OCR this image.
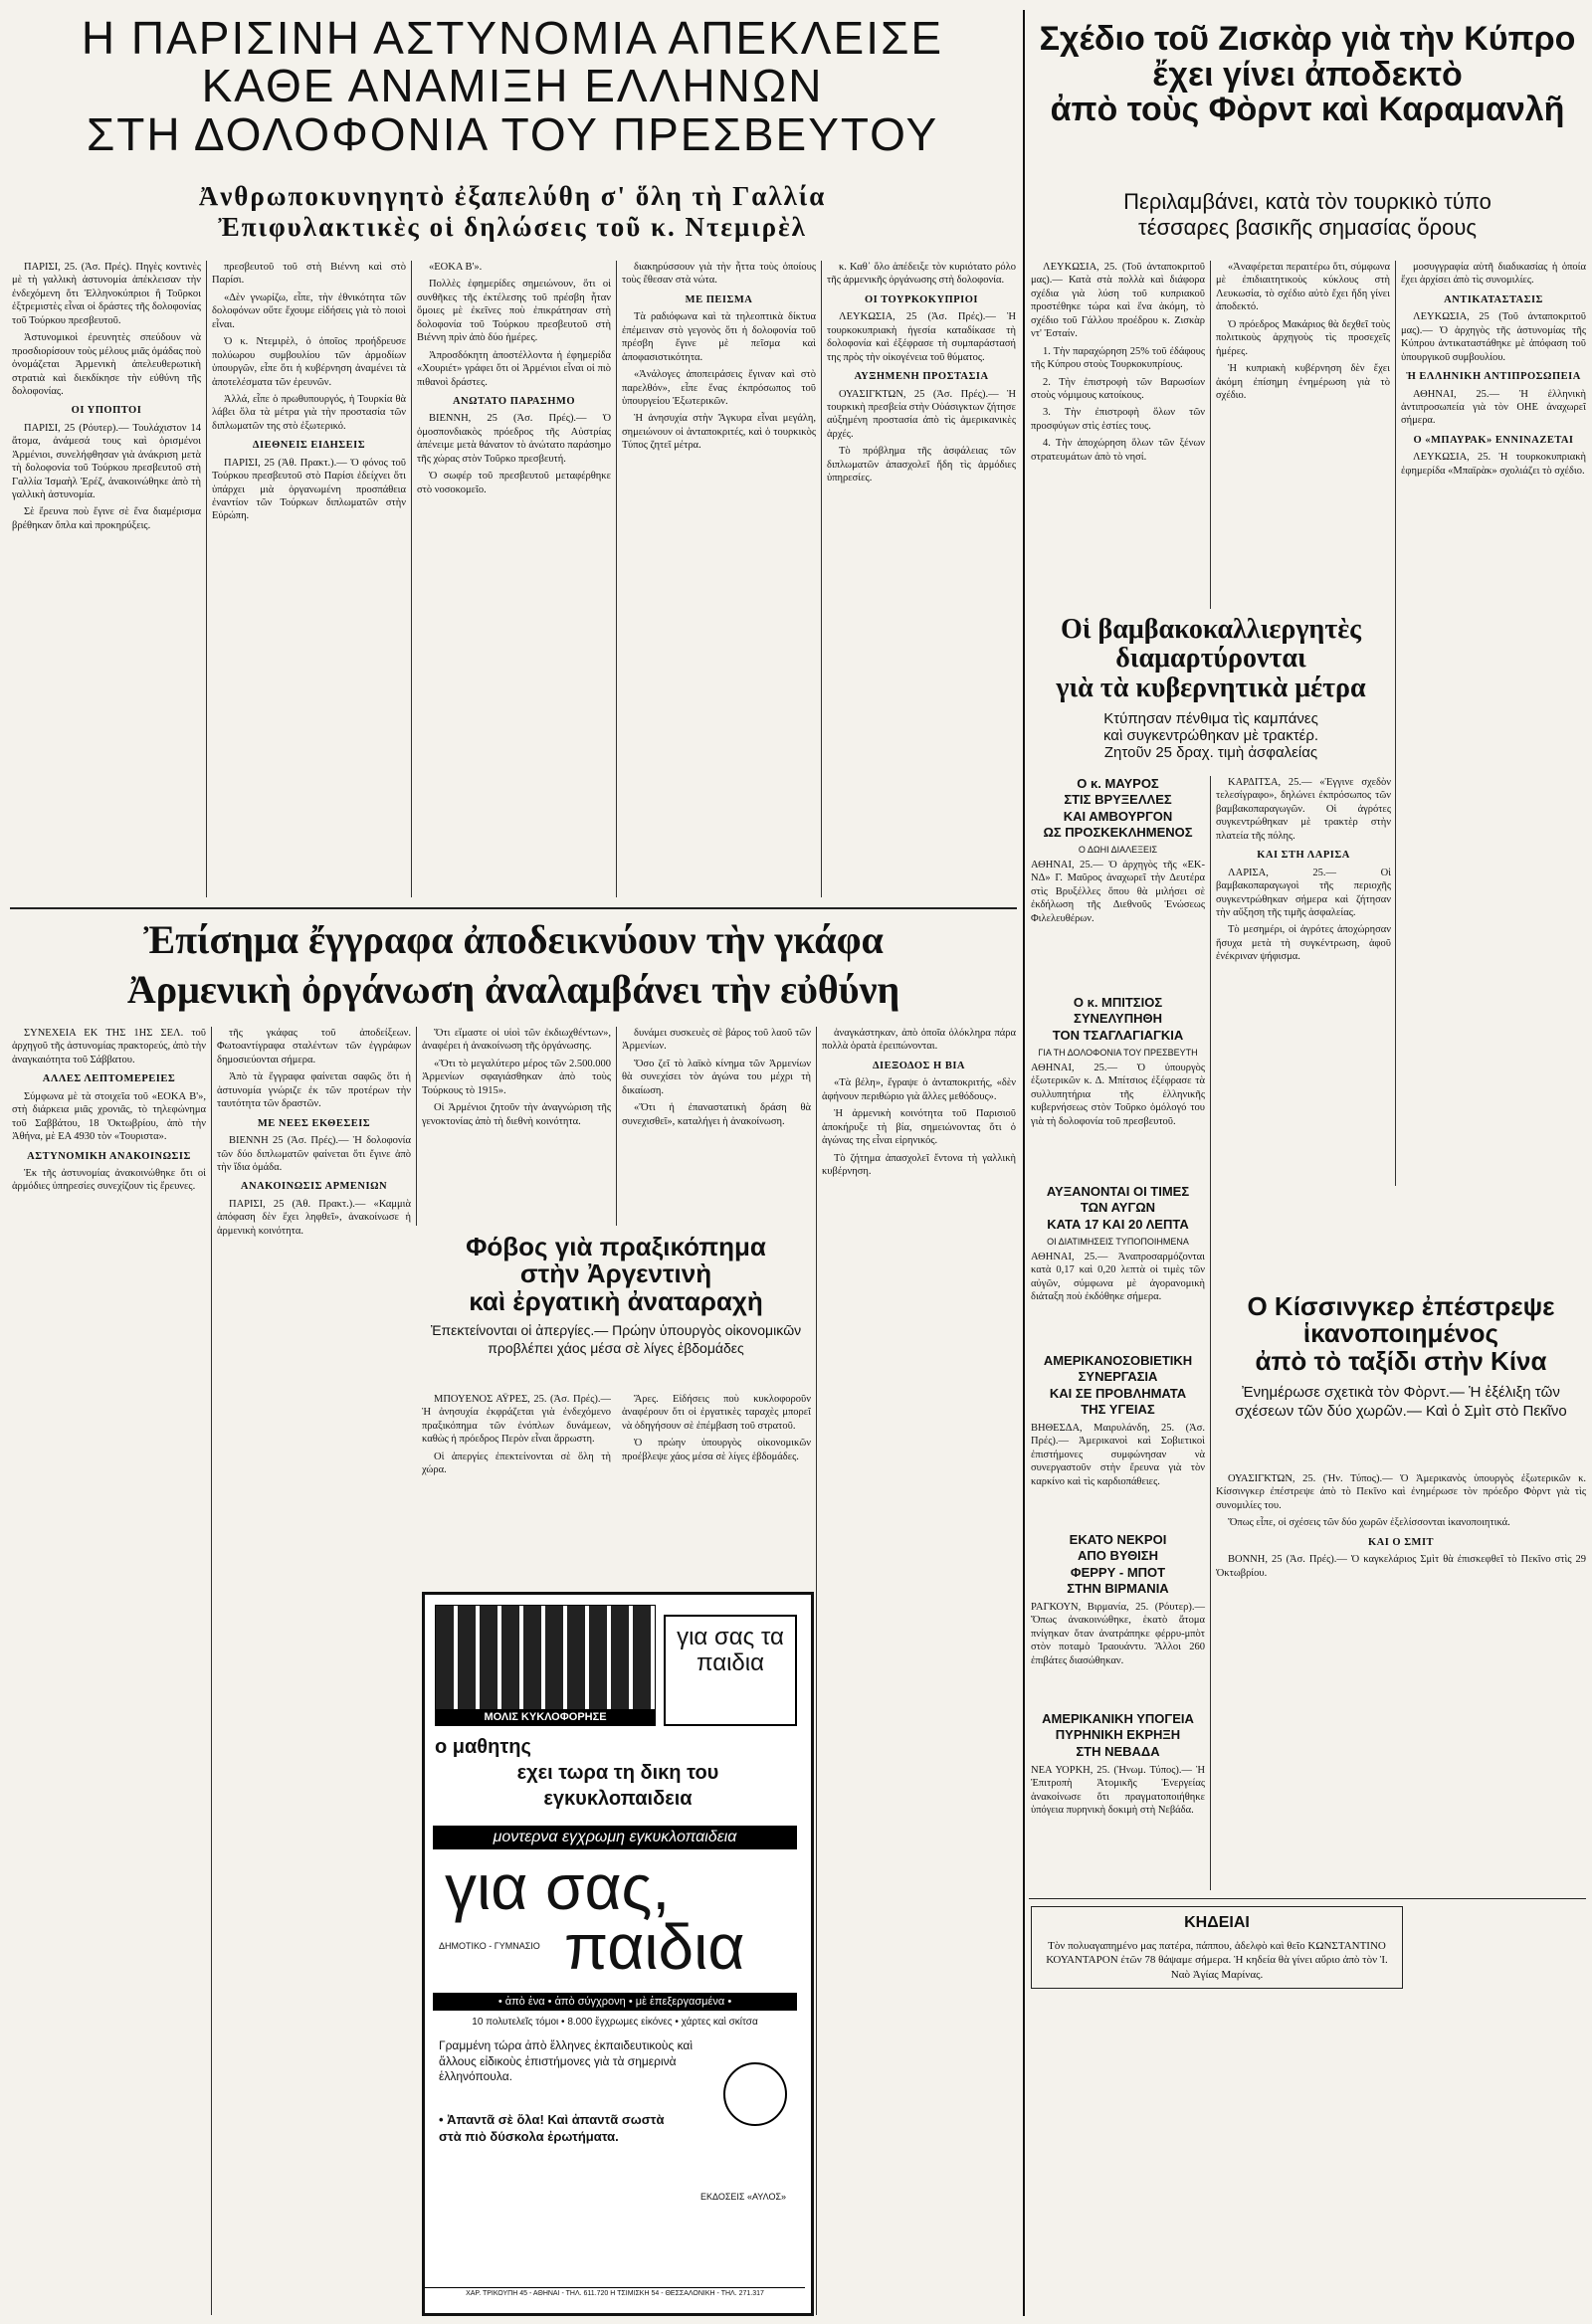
Η ΠΑΡΙΣΙΝΗ ΑΣΤΥΝΟΜΙΑ ΑΠΕΚΛΕΙΣΕ
ΚΑΘΕ ΑΝΑΜΙΞΗ ΕΛΛΗΝΩΝ
ΣΤΗ ΔΟΛΟΦΟΝΙΑ ΤΟΥ ΠΡΕΣΒΕΥΤΟΥ

Ἀνθρωποκυνηγητὸ ἐξαπελύθη σ' ὅλη τὴ Γαλλία

Ἐπιφυλακτικὲς οἱ δηλώσεις τοῦ κ. Ντεμιρὲλ

ΠΑΡΙΣΙ, 25. (Ἀσ. Πρές). Πηγὲς κοντινὲς μὲ τὴ γαλλικὴ ἀστυνομία ἀπέκλεισαν τὴν ἐνδεχόμενη ὅτι Ἑλληνοκύπριοι ἢ Τοῦρκοι ἐξτρεμιστὲς εἶναι οἱ δράστες τῆς δολοφονίας τοῦ Τούρκου πρεσβευτοῦ.

Ἀστυνομικοὶ ἐρευνητὲς σπεύδουν νὰ προσδιορίσουν τοὺς μέλους μιᾶς ὁμάδας ποὺ ὀνομάζεται Ἀρμενικὴ ἀπελευθερωτικὴ στρατιὰ καὶ διεκδίκησε τὴν εὐθύνη τῆς δολοφονίας.

ΟΙ ΥΠΟΠΤΟΙ

ΠΑΡΙΣΙ, 25 (Ρόυτερ).— Τουλάχιστον 14 ἄτομα, ἀνάμεσά τους καὶ ὁρισμένοι Ἀρμένιοι, συνελήφθησαν γιὰ ἀνάκριση μετὰ τὴ δολοφονία τοῦ Τούρκου πρεσβευτοῦ στὴ Γαλλία Ἰσμαὴλ Ἐρέζ, ἀνακοινώθηκε ἀπὸ τὴ γαλλικὴ ἀστυνομία.

Σὲ ἔρευνα ποὺ ἔγινε σὲ ἕνα διαμέρισμα βρέθηκαν ὅπλα καὶ προκηρύξεις.

πρεσβευτοῦ τοῦ στὴ Βιέννη καὶ στὸ Παρίσι.

«Δὲν γνωρίζω, εἶπε, τὴν ἐθνικότητα τῶν δολοφόνων οὔτε ἔχουμε εἰδήσεις γιὰ τὸ ποιοὶ εἶναι.

Ὁ κ. Ντεμιρὲλ, ὁ ὁποῖος προήδρευσε πολύωρου συμβουλίου τῶν ἁρμοδίων ὑπουργῶν, εἶπε ὅτι ἡ κυβέρνηση ἀναμένει τὰ ἀποτελέσματα τῶν ἐρευνῶν.

Ἀλλά, εἶπε ὁ πρωθυπουργός, ἡ Τουρκία θὰ λάβει ὅλα τὰ μέτρα γιὰ τὴν προστασία τῶν διπλωματῶν της στὸ ἐξωτερικό.

ΔΙΕΘΝΕΙΣ ΕΙΔΗΣΕΙΣ

ΠΑΡΙΣΙ, 25 (Ἀθ. Πρακτ.).— Ὁ φόνος τοῦ Τούρκου πρεσβευτοῦ στὸ Παρίσι ἐδείχνει ὅτι ὑπάρχει μιὰ ὀργανωμένη προσπάθεια ἐναντίον τῶν Τούρκων διπλωματῶν στὴν Εὐρώπη.

«ΕΟΚΑ Β'».

Πολλὲς ἐφημερίδες σημειώνουν, ὅτι οἱ συνθῆκες τῆς ἐκτέλεσης τοῦ πρέσβη ἦταν ὅμοιες μὲ ἐκεῖνες ποὺ ἐπικράτησαν στὴ δολοφονία τοῦ Τούρκου πρεσβευτοῦ στὴ Βιέννη πρὶν ἀπὸ δύο ἡμέρες.

Ἀπροσδόκητη ἀποστέλλοντα ἡ ἐφημερίδα «Χουριέτ» γράφει ὅτι οἱ Ἀρμένιοι εἶναι οἱ πιὸ πιθανοὶ δράστες.

ΑΝΩΤΑΤΟ ΠΑΡΑΣΗΜΟ

ΒΙΕΝΝΗ, 25 (Ἀσ. Πρές).— Ὁ ὁμοσπονδιακὸς πρόεδρος τῆς Αὐστρίας ἀπένειμε μετὰ θάνατον τὸ ἀνώτατο παράσημο τῆς χώρας στὸν Τοῦρκο πρεσβευτή.

Ὁ σωφέρ τοῦ πρεσβευτοῦ μεταφέρθηκε στὸ νοσοκομεῖο.

διακηρύσσουν γιὰ τὴν ἦττα τοὺς ὁποίους τοὺς ἔθεσαν στὰ νώτα.

ΜΕ ΠΕΙΣΜΑ

Τὰ ραδιόφωνα καὶ τὰ τηλεοπτικὰ δίκτυα ἐπέμειναν στὸ γεγονὸς ὅτι ἡ δολοφονία τοῦ πρέσβη ἔγινε μὲ πεῖσμα καὶ ἀποφασιστικότητα.

«Ἀνάλογες ἀποπειράσεις ἔγιναν καὶ στὸ παρελθόν», εἶπε ἕνας ἐκπρόσωπος τοῦ ὑπουργείου Ἐξωτερικῶν.

Ἡ ἀνησυχία στὴν Ἄγκυρα εἶναι μεγάλη, σημειώνουν οἱ ἀνταποκριτές, καὶ ὁ τουρκικὸς Τύπος ζητεῖ μέτρα.

κ. Καθ᾽ ὅλο ἀπέδειξε τὸν κυριότατο ρόλο τῆς ἀρμενικῆς ὀργάνωσης στὴ δολοφονία.

ΟΙ ΤΟΥΡΚΟΚΥΠΡΙΟΙ

ΛΕΥΚΩΣΙΑ, 25 (Ἀσ. Πρές).— Ἡ τουρκοκυπριακὴ ἡγεσία καταδίκασε τὴ δολοφονία καὶ ἐξέφρασε τὴ συμπαράστασή της πρὸς τὴν οἰκογένεια τοῦ θύματος.

ΑΥΞΗΜΕΝΗ ΠΡΟΣΤΑΣΙΑ

ΟΥΑΣΙΓΚΤΩΝ, 25 (Ἀσ. Πρές).— Ἡ τουρκικὴ πρεσβεία στὴν Οὐάσιγκτων ζήτησε αὐξημένη προστασία ἀπὸ τὶς ἀμερικανικὲς ἀρχές.

Τὸ πρόβλημα τῆς ἀσφάλειας τῶν διπλωματῶν ἀπασχολεῖ ἤδη τὶς ἀρμόδιες ὑπηρεσίες.

Ἐπίσημα ἔγγραφα ἀποδεικνύουν τὴν γκάφα
Ἀρμενικὴ ὀργάνωση ἀναλαμβάνει τὴν εὐθύνη

ΣΥΝΕΧΕΙΑ ΕΚ ΤΗΣ 1ΗΣ ΣΕΛ. τοῦ ἀρχηγοῦ τῆς ἀστυνομίας πρακτορεύς, ἀπὸ τὴν ἀναγκαιότητα τοῦ Σάββατου.

ΑΛΛΕΣ ΛΕΠΤΟΜΕΡΕΙΕΣ

Σύμφωνα μὲ τὰ στοιχεῖα τοῦ «ΕΟΚΑ Β'», στὴ διάρκεια μιᾶς χρονιᾶς, τὸ τηλεφώνημα τοῦ Σαββάτου, 18 Ὀκτωβρίου, ἀπὸ τὴν Ἀθήνα, μὲ ΕΑ 4930 τὸν «Τουριστα».

ΑΣΤΥΝΟΜΙΚΗ ΑΝΑΚΟΙΝΩΣΙΣ

Ἐκ τῆς ἀστυνομίας ἀνακοινώθηκε ὅτι οἱ ἀρμόδιες ὑπηρεσίες συνεχίζουν τὶς ἔρευνες.

τῆς γκάφας τοῦ ἀποδείξεων. Φωτοαντίγραφα σταλέντων τῶν ἐγγράφων δημοσιεύονται σήμερα.

Ἀπὸ τὰ ἔγγραφα φαίνεται σαφῶς ὅτι ἡ ἀστυνομία γνώριζε ἐκ τῶν προτέρων τὴν ταυτότητα τῶν δραστῶν.

ΜΕ ΝΕΕΣ ΕΚΘΕΣΕΙΣ

ΒΙΕΝΝΗ 25 (Ἀσ. Πρές).— Ἡ δολοφονία τῶν δύο διπλωματῶν φαίνεται ὅτι ἔγινε ἀπὸ τὴν ἴδια ὁμάδα.

ΑΝΑΚΟΙΝΩΣΙΣ ΑΡΜΕΝΙΩΝ

ΠΑΡΙΣΙ, 25 (Ἀθ. Πρακτ.).— «Καμμιὰ ἀπόφαση δὲν ἔχει ληφθεῖ», ἀνακοίνωσε ἡ ἀρμενικὴ κοινότητα.

Ὅτι εἴμαστε οἱ υἱοὶ τῶν ἐκδιωχθέντων», ἀναφέρει ἡ ἀνακοίνωση τῆς ὀργάνωσης.

«Ὅτι τὸ μεγαλύτερο μέρος τῶν 2.500.000 Ἀρμενίων σφαγιάσθηκαν ἀπὸ τοὺς Τούρκους τὸ 1915».

Οἱ Ἀρμένιοι ζητοῦν τὴν ἀναγνώριση τῆς γενοκτονίας ἀπὸ τὴ διεθνὴ κοινότητα.

δυνάμει συσκευὲς σὲ βάρος τοῦ λαοῦ τῶν Ἀρμενίων.

Ὅσο ζεῖ τὸ λαϊκὸ κίνημα τῶν Ἀρμενίων θὰ συνεχίσει τὸν ἀγώνα του μέχρι τὴ δικαίωση.

«Ὅτι ἡ ἐπαναστατικὴ δράση θὰ συνεχισθεῖ», καταλήγει ἡ ἀνακοίνωση.

ἀναγκάστηκαν, ἀπὸ ὁποῖα ὁλόκληρα πάρα πολλὰ ὁρατὰ ἐρειπώνονται.

ΔΙΕΞΟΔΟΣ Η ΒΙΑ

«Τὰ βέλη», ἔγραψε ὁ ἀνταποκριτής, «δὲν ἀφήνουν περιθώριο γιὰ ἄλλες μεθόδους».

Ἡ ἀρμενικὴ κοινότητα τοῦ Παρισιοῦ ἀποκήρυξε τὴ βία, σημειώνοντας ὅτι ὁ ἀγώνας της εἶναι εἰρηνικός.

Τὸ ζήτημα ἀπασχολεῖ ἔντονα τὴ γαλλικὴ κυβέρνηση.

Φόβος γιὰ πραξικόπημα
στὴν Ἀργεντινὴ
καὶ ἐργατικὴ ἀναταραχὴ

Ἐπεκτείνονται οἱ ἀπεργίες.— Πρώην ὑπουργὸς οἰκονομικῶν προβλέπει χάος μέσα σὲ λίγες ἑβδομάδες

ΜΠΟΥΕΝΟΣ ΑΫΡΕΣ, 25. (Ἀσ. Πρές).— Ἡ ἀνησυχία ἐκφράζεται γιὰ ἐνδεχόμενο πραξικόπημα τῶν ἐνόπλων δυνάμεων, καθὼς ἡ πρόεδρος Περὸν εἶναι ἄρρωστη.

Οἱ ἀπεργίες ἐπεκτείνονται σὲ ὅλη τὴ χώρα.

Ἄρες. Εἰδήσεις ποὺ κυκλοφοροῦν ἀναφέρουν ὅτι οἱ ἐργατικὲς ταραχὲς μπορεῖ νὰ ὁδηγήσουν σὲ ἐπέμβαση τοῦ στρατοῦ.

Ὁ πρώην ὑπουργὸς οἰκονομικῶν προέβλεψε χάος μέσα σὲ λίγες ἑβδομάδες.

ΜΟΛΙΣ ΚΥΚΛΟΦΟΡΗΣΕ
για σας τα παιδια
ο μαθητης
εχει τωρα τη δικη του
εγκυκλοπαιδεια
μοντερνα εγχρωμη εγκυκλοπαιδεια
για σας,
ΔΗΜΟΤΙΚΟ - ΓΥΜΝΑΣΙΟ παιδια
• ἀπὸ ἑνα • ἀπὸ σύγχρονη • μὲ ἐπεξεργασμένα •
10 πολυτελεῖς τόμοι • 8.000 ἔγχρωμες εἰκόνες • χάρτες καὶ σκίτσα
Γραμμένη τώρα ἀπὸ ἕλληνες ἐκπαιδευτικοὺς καὶ ἄλλους εἰδικοὺς ἐπιστήμονες γιὰ τὰ σημερινὰ ἑλληνόπουλα.
• Ἀπαντᾶ σὲ ὅλα! Καὶ ἀπαντᾶ σωστὰ στὰ πιὸ δύσκολα ἐρωτήματα.
ΕΚΔΟΣΕΙΣ «ΑΥΛΟΣ»
ΧΑΡ. ΤΡΙΚΟΥΠΗ 45 - ΑΘΗΝΑΙ - ΤΗΛ. 611.720 Η ΤΣΙΜΙΣΚΗ 54 - ΘΕΣΣΑΛΟΝΙΚΗ - ΤΗΛ. 271.317
Σχέδιο τοῦ Ζισκὰρ γιὰ τὴν Κύπρο
ἔχει γίνει ἀποδεκτὸ
ἀπὸ τοὺς Φὸρντ καὶ Καραμανλῆ

Περιλαμβάνει, κατὰ τὸν τουρκικὸ τύπο

τέσσαρες βασικῆς σημασίας ὅρους

ΛΕΥΚΩΣΙΑ, 25. (Τοῦ ἀνταποκριτοῦ μας).— Κατὰ στὰ πολλὰ καὶ διάφορα σχέδια γιὰ λύση τοῦ κυπριακοῦ προστέθηκε τώρα καὶ ἕνα ἀκόμη, τὸ σχέδιο τοῦ Γάλλου προέδρου κ. Ζισκὰρ ντ' Ἐσταίν.

1. Τὴν παραχώρηση 25% τοῦ ἐδάφους τῆς Κύπρου στοὺς Τουρκοκυπρίους.

2. Τὴν ἐπιστροφὴ τῶν Βαρωσίων στοὺς νόμιμους κατοίκους.

3. Τὴν ἐπιστροφὴ ὅλων τῶν προσφύγων στὶς ἑστίες τους.

4. Τὴν ἀποχώρηση ὅλων τῶν ξένων στρατευμάτων ἀπὸ τὸ νησί.

«Ἀναφέρεται περαιτέρω ὅτι, σύμφωνα μὲ ἐπιδιαιτητικοὺς κύκλους στὴ Λευκωσία, τὸ σχέδιο αὐτὸ ἔχει ἤδη γίνει ἀποδεκτό.

Ὁ πρόεδρος Μακάριος θὰ δεχθεῖ τοὺς πολιτικοὺς ἀρχηγοὺς τὶς προσεχεῖς ἡμέρες.

Ἡ κυπριακὴ κυβέρνηση δὲν ἔχει ἀκόμη ἐπίσημη ἐνημέρωση γιὰ τὸ σχέδιο.

μοσυγγραφία αὐτῆ διαδικασίας ἡ ὁποία ἔχει ἀρχίσει ἀπὸ τὶς συνομιλίες.

ΑΝΤΙΚΑΤΑΣΤΑΣΙΣ

ΛΕΥΚΩΣΙΑ, 25 (Τοῦ ἀνταποκριτοῦ μας).— Ὁ ἀρχηγὸς τῆς ἀστυνομίας τῆς Κύπρου ἀντικαταστάθηκε μὲ ἀπόφαση τοῦ ὑπουργικοῦ συμβουλίου.

Ἡ ΕΛΛΗΝΙΚΗ ΑΝΤΙΠΡΟΣΩΠΕΙΑ

ΑΘΗΝΑΙ, 25.— Ἡ ἑλληνικὴ ἀντιπροσωπεία γιὰ τὸν ΟΗΕ ἀναχωρεῖ σήμερα.

Ο «ΜΠΑΥΡΑΚ» ΕΝΝΙΝΑΖΕΤΑΙ

ΛΕΥΚΩΣΙΑ, 25. Ἡ τουρκοκυπριακὴ ἐφημερίδα «Μπαϊρὰκ» σχολιάζει τὸ σχέδιο.

Οἱ βαμβακοκαλλιεργητὲς
διαμαρτύρονται
γιὰ τὰ κυβερνητικὰ μέτρα

Κτύπησαν πένθιμα τὶς καμπάνες

καὶ συγκεντρώθηκαν μὲ τρακτέρ.

Ζητοῦν 25 δραχ. τιμὴ ἀσφαλείας

ΚΑΡΔΙΤΣΑ, 25.— «Ἐγγινε σχεδὸν τελεσίγραφο», δηλώνει ἐκπρόσωπος τῶν βαμβακοπαραγωγῶν. Οἱ ἀγρότες συγκεντρώθηκαν μὲ τρακτὲρ στὴν πλατεία τῆς πόλης.

ΚΑΙ ΣΤΗ ΛΑΡΙΣΑ

ΛΑΡΙΣΑ, 25.— Οἱ βαμβακοπαραγωγοὶ τῆς περιοχῆς συγκεντρώθηκαν σήμερα καὶ ζήτησαν τὴν αὔξηση τῆς τιμῆς ἀσφαλείας.

Τὸ μεσημέρι, οἱ ἀγρότες ἀποχώρησαν ἥσυχα μετὰ τὴ συγκέντρωση, ἀφοῦ ἐνέκριναν ψήφισμα.

Ο κ. ΜΑΥΡΟΣ

ΣΤΙΣ ΒΡΥΞΕΛΛΕΣ

ΚΑΙ ΑΜΒΟΥΡΓΟΝ

ΩΣ ΠΡΟΣΚΕΚΛΗΜΕΝΟΣ

Ο ΔΩΗΙ ΔΙΑΛΕΞΕΙΣ

ΑΘΗΝΑΙ, 25.— Ὁ ἀρχηγὸς τῆς «ΕΚ-ΝΔ» Γ. Μαῦρος ἀναχωρεῖ τὴν Δευτέρα στὶς Βρυξέλλες ὅπου θὰ μιλήσει σὲ ἐκδήλωση τῆς Διεθνοῦς Ἐνώσεως Φιλελευθέρων.

Ο κ. ΜΠΙΤΣΙΟΣ

ΣΥΝΕΛΥΠΗΘΗ

ΤΟΝ ΤΣΑΓΛΑΓΙΑΓΚΙΑ

ΓΙΑ ΤΗ ΔΟΛΟΦΟΝΙΑ ΤΟΥ ΠΡΕΣΒΕΥΤΗ

ΑΘΗΝΑΙ, 25.— Ὁ ὑπουργὸς ἐξωτερικῶν κ. Δ. Μπίτσιος ἐξέφρασε τὰ συλλυπητήρια τῆς ἑλληνικῆς κυβερνήσεως στὸν Τοῦρκο ὁμόλογό του γιὰ τὴ δολοφονία τοῦ πρεσβευτοῦ.

ΑΥΞΑΝΟΝΤΑΙ ΟΙ ΤΙΜΕΣ

ΤΩΝ ΑΥΓΩΝ

ΚΑΤΑ 17 ΚΑΙ 20 ΛΕΠΤΑ

ΟΙ ΔΙΑΤΙΜΗΣΕΙΣ ΤΥΠΟΠΟΙΗΜΕΝΑ

ΑΘΗΝΑΙ, 25.— Ἀναπροσαρμόζονται κατὰ 0,17 καὶ 0,20 λεπτὰ οἱ τιμὲς τῶν αὐγῶν, σύμφωνα μὲ ἀγορανομικὴ διάταξη ποὺ ἐκδόθηκε σήμερα.

ΑΜΕΡΙΚΑΝΟΣΟΒΙΕΤΙΚΗ

ΣΥΝΕΡΓΑΣΙΑ

ΚΑΙ ΣΕ ΠΡΟΒΛΗΜΑΤΑ

ΤΗΣ ΥΓΕΙΑΣ

ΒΗΘΕΣΔΑ, Μαιρυλάνδη, 25. (Ἀσ. Πρές).— Ἀμερικανοὶ καὶ Σοβιετικοὶ ἐπιστήμονες συμφώνησαν νὰ συνεργαστοῦν στὴν ἔρευνα γιὰ τὸν καρκίνο καὶ τὶς καρδιοπάθειες.

ΕΚΑΤΟ ΝΕΚΡΟΙ

ΑΠΟ ΒΥΘΙΣΗ

ΦΕΡΡΥ - ΜΠΟΤ

ΣΤΗΝ ΒΙΡΜΑΝΙΑ

ΡΑΓΚΟΥΝ, Βιρμανία, 25. (Ρόυτερ).— Ὅπως ἀνακοινώθηκε, ἑκατὸ ἄτομα πνίγηκαν ὅταν ἀνατράπηκε φέρρυ-μπὸτ στὸν ποταμὸ Ἰραουάντυ. Ἄλλοι 260 ἐπιβάτες διασώθηκαν.

ΑΜΕΡΙΚΑΝΙΚΗ ΥΠΟΓΕΙΑ

ΠΥΡΗΝΙΚΗ ΕΚΡΗΞΗ

ΣΤΗ ΝΕΒΑΔΑ

ΝΕΑ ΥΟΡΚΗ, 25. (Ἠνωμ. Τύπος).— Ἡ Ἐπιτροπὴ Ἀτομικῆς Ἐνεργείας ἀνακοίνωσε ὅτι πραγματοποιήθηκε ὑπόγεια πυρηνικὴ δοκιμὴ στὴ Νεβάδα.

Ο Κίσσινγκερ ἐπέστρεψε
ἱκανοποιημένος
ἀπὸ τὸ ταξίδι στὴν Κίνα

Ἐνημέρωσε σχετικὰ τὸν Φὸρντ.— Ἡ ἐξέλιξη τῶν σχέσεων τῶν δύο χωρῶν.— Καὶ ὁ Σμὶτ στὸ Πεκῖνο

ΟΥΑΣΙΓΚΤΩΝ, 25. (Ἠν. Τύπος).— Ὁ Ἀμερικανὸς ὑπουργὸς ἐξωτερικῶν κ. Κίσσινγκερ ἐπέστρεψε ἀπὸ τὸ Πεκῖνο καὶ ἐνημέρωσε τὸν πρόεδρο Φὸρντ γιὰ τὶς συνομιλίες του.

Ὅπως εἶπε, οἱ σχέσεις τῶν δύο χωρῶν ἐξελίσσονται ἱκανοποιητικά.

ΚΑΙ Ο ΣΜΙΤ

ΒΟΝΝΗ, 25 (Ἀσ. Πρές).— Ὁ καγκελάριος Σμὶτ θὰ ἐπισκεφθεῖ τὸ Πεκῖνο στὶς 29 Ὀκτωβρίου.

ΚΗΔΕΙΑΙ

Τὸν πολυαγαπημένο μας πατέρα, πάππου, ἀδελφὸ καὶ θεῖο ΚΩΝΣΤΑΝΤΙΝΟ ΚΟΥΑΝΤΑΡΟΝ ἐτῶν 78 θάψαμε σήμερα. Ἡ κηδεία θὰ γίνει αὔριο ἀπὸ τὸν Ἱ. Ναὸ Ἁγίας Μαρίνας.
